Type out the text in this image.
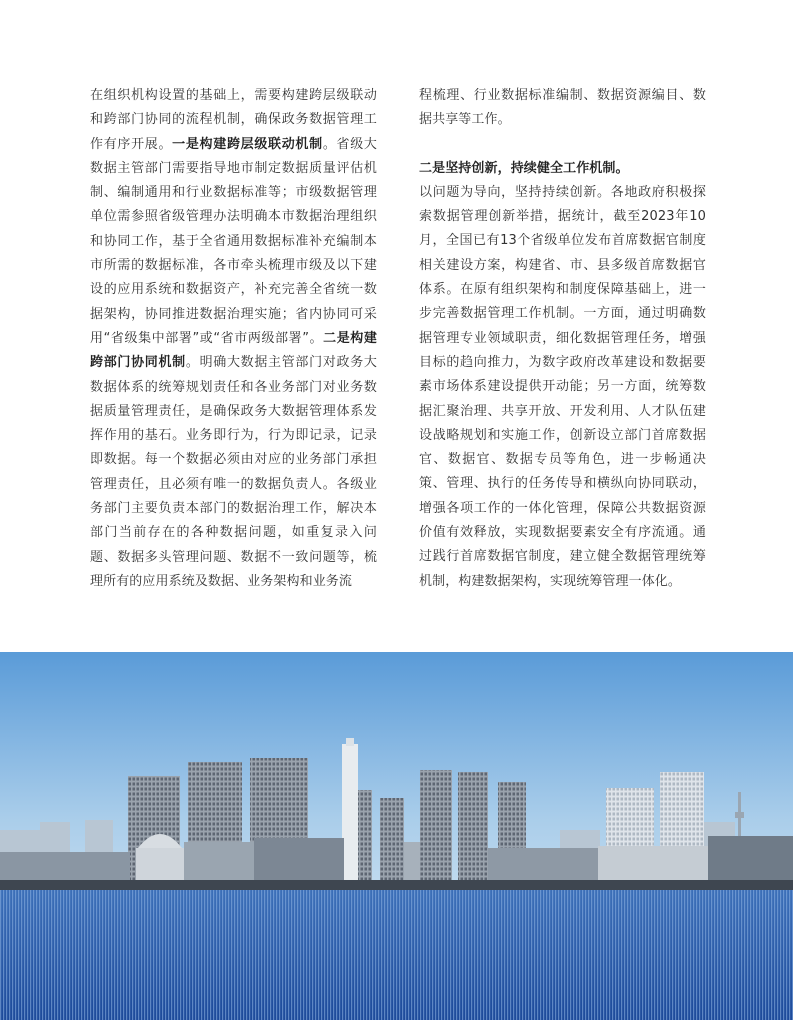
在组织机构设置的基础上，需要构建跨层级联动和跨部门协同的流程机制，确保政务数据管理工作有序开展。一是构建跨层级联动机制。省级大数据主管部门需要指导地市制定数据质量评估机制、编制通用和行业数据标准等；市级数据管理单位需参照省级管理办法明确本市数据治理组织和协同工作，基于全省通用数据标准补充编制本市所需的数据标准，各市牵头梳理市级及以下建设的应用系统和数据资产，补充完善全省统一数据架构，协同推进数据治理实施；省内协同可采用“省级集中部署”或“省市两级部署”。二是构建跨部门协同机制。明确大数据主管部门对政务大数据体系的统筹规划责任和各业务部门对业务数据质量管理责任，是确保政务大数据管理体系发挥作用的基石。业务即行为，行为即记录，记录即数据。每一个数据必须由对应的业务部门承担管理责任，且必须有唯一的数据负责人。各级业务部门主要负责本部门的数据治理工作，解决本部门当前存在的各种数据问题，如重复录入问题、数据多头管理问题、数据不一致问题等，梳理所有的应用系统及数据、业务架构和业务流

程梳理、行业数据标准编制、数据资源编目、数据共享等工作。

二是坚持创新，持续健全工作机制。

以问题为导向，坚持持续创新。各地政府积极探索数据管理创新举措，据统计，截至2023年10月，全国已有13个省级单位发布首席数据官制度相关建设方案，构建省、市、县多级首席数据官体系。在原有组织架构和制度保障基础上，进一步完善数据管理工作机制。一方面，通过明确数据管理专业领域职责，细化数据管理任务，增强目标的趋向推力，为数字政府改革建设和数据要素市场体系建设提供开动能；另一方面，统筹数据汇聚治理、共享开放、开发利用、人才队伍建设战略规划和实施工作，创新设立部门首席数据官、数据官、数据专员等角色，进一步畅通决策、管理、执行的任务传导和横纵向协同联动，增强各项工作的一体化管理，保障公共数据资源价值有效释放，实现数据要素安全有序流通。通过践行首席数据官制度，建立健全数据管理统筹机制，构建数据架构，实现统筹管理一体化。
